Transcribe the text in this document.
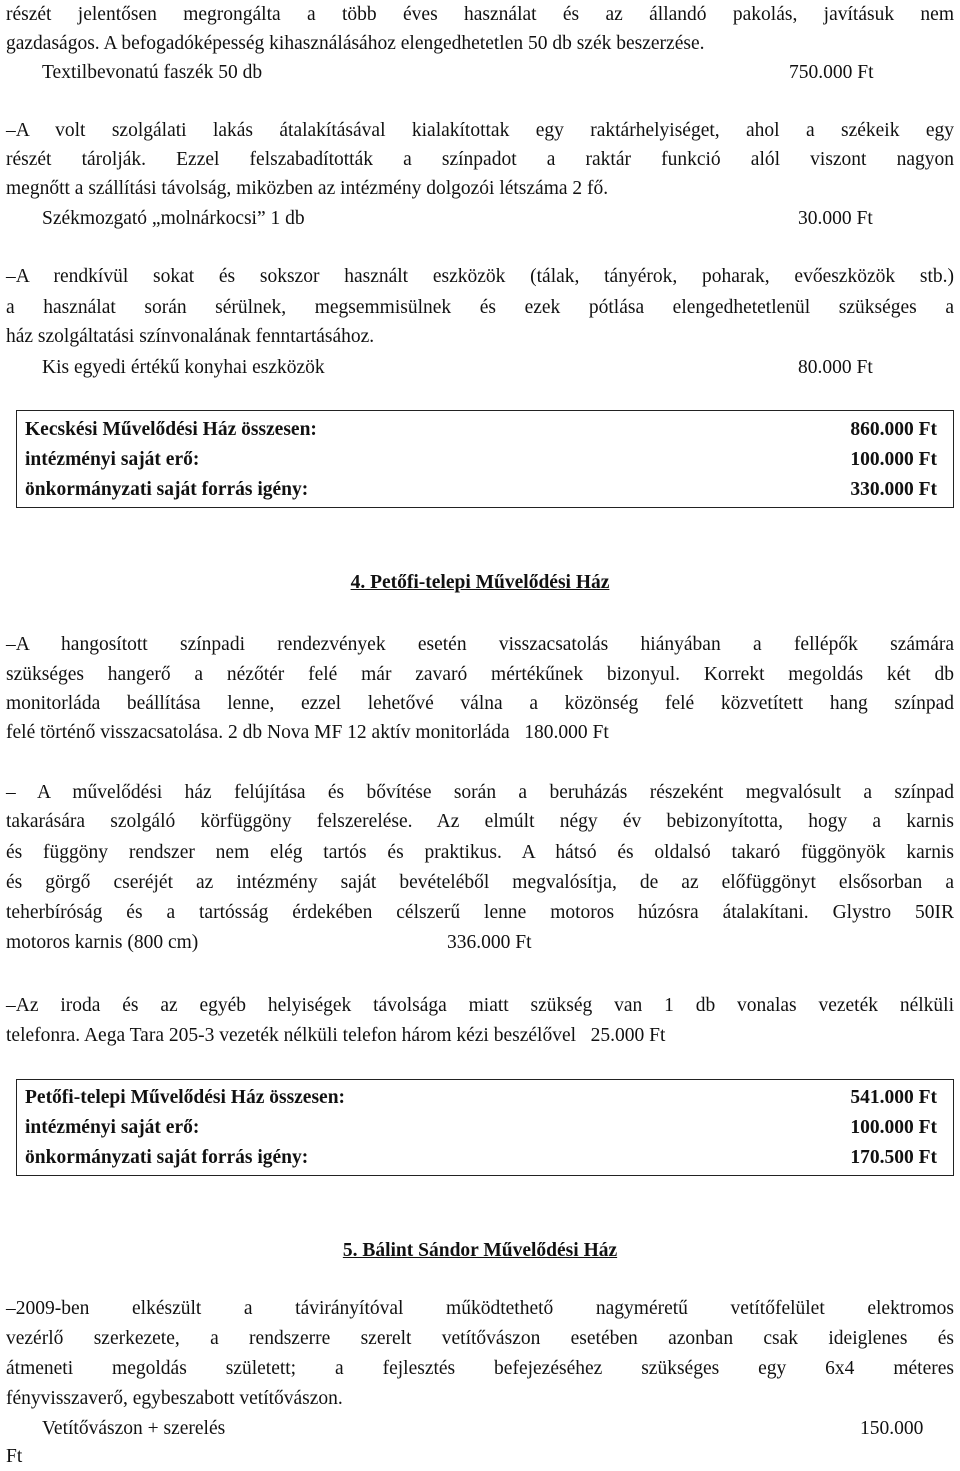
részét jelentősen megrongálta a több éves használat és az állandó pakolás, javításuk nem
gazdaságos. A befogadóképesség kihasználásához elengedhetetlen 50 db szék beszerzése.
Textilbevonatú faszék 50 db	750.000 Ft
–A volt szolgálati lakás átalakításával kialakítottak egy raktárhelyiséget, ahol a székeik egy
részét tárolják. Ezzel felszabadították a színpadot a raktár funkció alól viszont nagyon
megnőtt a szállítási távolság, miközben az intézmény dolgozói létszáma 2 fő.
Székmozgató „molnárkocsi” 1 db	30.000 Ft
–A rendkívül sokat és sokszor használt eszközök (tálak, tányérok, poharak, evőeszközök stb.)
a használat során sérülnek, megsemmisülnek és ezek pótlása elengedhetetlenül szükséges a
ház szolgáltatási színvonalának fenntartásához.
Kis egyedi értékű konyhai eszközök	80.000 Ft
Kecskési Művelődési Ház összesen:	860.000 Ft
intézményi saját erő:	100.000 Ft
önkormányzati saját forrás igény:	330.000 Ft
4. Petőfi-telepi Művelődési Ház
–A hangosított színpadi rendezvények esetén visszacsatolás hiányában a fellépők számára
szükséges hangerő a nézőtér felé már zavaró mértékűnek bizonyul. Korrekt megoldás két db
monitorláda beállítása lenne, ezzel lehetővé válna a közönség felé közvetített hang színpad
felé történő visszacsatolása. 2 db Nova MF 12 aktív monitorláda   180.000 Ft
– A művelődési ház felújítása és bővítése során a beruházás részeként megvalósult a színpad
takarására szolgáló körfüggöny felszerelése. Az elmúlt négy év bebizonyította, hogy a karnis
és függöny rendszer nem elég tartós és praktikus. A hátsó és oldalsó takaró függönyök karnis
és görgő cseréjét az intézmény saját bevételéből megvalósítja, de az előfüggönyt elsősorban a
teherbíróság és a tartósság érdekében célszerű lenne motoros húzósra átalakítani. Glystro 50IR
motoros karnis (800 cm)	336.000 Ft
–Az iroda és az egyéb helyiségek távolsága miatt szükség van 1 db vonalas vezeték nélküli
telefonra. Aega Tara 205-3 vezeték nélküli telefon három kézi beszélővel   25.000 Ft
Petőfi-telepi Művelődési Ház összesen:	541.000 Ft
intézményi saját erő:	100.000 Ft
önkormányzati saját forrás igény:	170.500 Ft
5. Bálint Sándor Művelődési Ház
–2009-ben elkészült a távirányítóval működtethető nagyméretű vetítőfelület elektromos
vezérlő szerkezete, a rendszerre szerelt vetítővászon esetében azonban csak ideiglenes és
átmeneti megoldás született; a fejlesztés befejezéséhez szükséges egy 6x4 méteres
fényvisszaverő, egybeszabott vetítővászon.
Vetítővászon + szerelés	150.000
Ft
